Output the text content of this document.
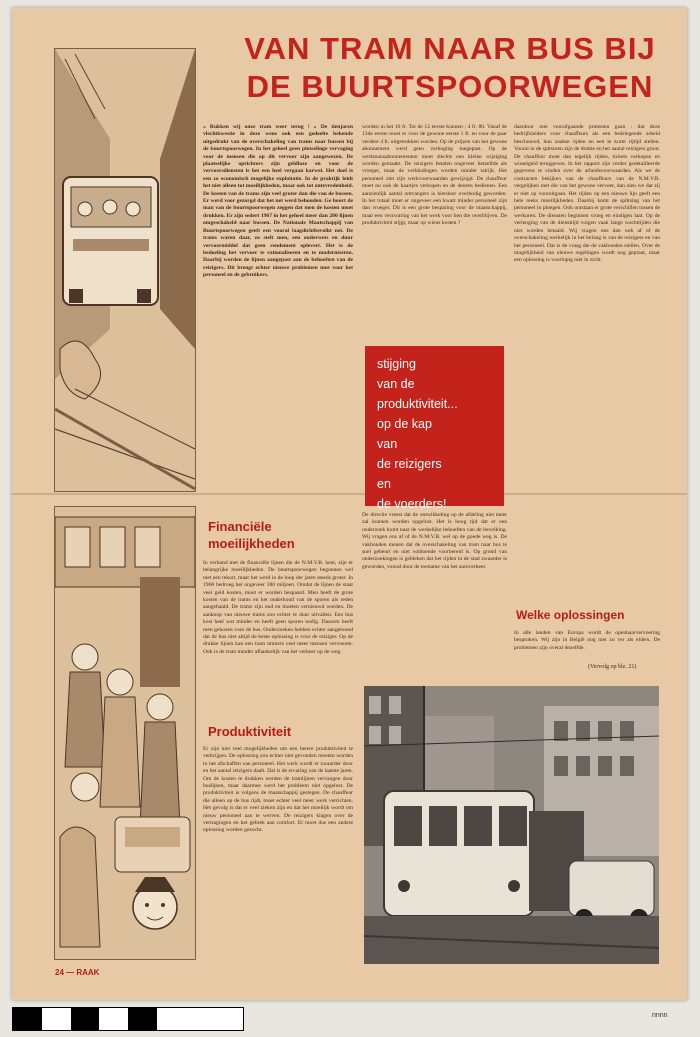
VAN TRAM NAAR BUS BIJ
DE BUURTSPOORWEGEN
« Rukken wij onze tram weer terug ! » De tienjaren vlechtkwestie in deze wens ook een gedeelte bekende uitgedrukt van de overschakeling van trams naar bussen bij de buurtspoorwegen. In het geheel geen plotselinge vervaging voor de mensen die op dit vervoer zijn aangewezen. De plaatselijke oprichters zijn geldloze en voor de vervoersdiensten is het een heel vergaan karwei. Het doel is een zo economisch mogelijke exploitatie. In de praktijk leidt het niet alleen tot moeilijkheden, maar ook tot ontevredenheid. De kosten van de trams zijn veel groter dan die van de bussen. Er werd voor gezorgd dat het net werd behouden. Ge hoort de man van de buurtspoorwegen zeggen dat men de kosten moet drukken. Er zijn sedert 1967 in het geheel meer dan 200 lijnen omgeschakeld naar bussen. De Nationale Maatschappij van Buurtspoorwegen geeft een vooral laagdichtbevolkt net. De trams waren daar, zo stelt men, een ouderwets en duur vervoermiddel dat geen rendement oplevert. Het is de bedoeling het vervoer te rationaliseren en te moderniseren. Daarbij worden de lijnen aangepast aan de behoeften van de reizigers. Dit brengt echter nieuwe problemen mee voor het personeel en de gebruikers.
worden in het 10 fr. Tot de 12 eerste kunnen ; 4 fr. 80. Vanaf de 13de eerste moet er voor de gewone eerste 1 fr. en voor de paar verdere 4 fr. uitgetrokken worden. Op de prijzen van het gewone abonnement werd geen verhoging toegepast. Op de werkmansabonnementen moet slechts een kleine wijziging worden gemaakt. De reizigers betalen ongeveer hetzelfde als vroeger, maar de verbindingen worden minder talrijk. Het personeel ziet zijn werkvoorwaarden gewijzigd. De chauffeur moet nu ook de kaartjes verkopen en de deuren bedienen. Een aanzienlijk aantal ontvangers is hierdoor overbodig geworden. In het totaal moet er ongeveer een kwart minder personeel zijn dan vroeger. Dit is een grote besparing voor de maatschappij, maar een verzwaring van het werk voor hen die overblijven. De produktiviteit stijgt, maar op wiens kosten ?
daardoor met voorafgaande protesten gaan : dat deze bedrijfsleiders voor chauffeurs als een bedriegende arbeid beschouwd, hun zaakse rijden en een te korte rijtijd stellen. Vooral in de spitsuren zijn de drukte en het aantal reizigers groot. De chauffeur moet dan tegelijk rijden, tickets verkopen en wisselgeld teruggeven. In het rapport zijn verder gedetailleerde gegevens te vinden over de arbeidsvoorwaarden. Als we de contracten bekijken van de chauffeurs van de N.M.V.B. vergelijken met die van het gewone vervoer, dan zien we dat zij er niet op vooruitgaan. Het rijden op een nieuwe lijn geeft een hele reeks moeilijkheden. Daarbij komt de splitsing van het personeel in ploegen. Ook ontstaan er grote verschillen tussen de werkuren. De diensten beginnen vroeg en eindigen laat. Op de verlenging van de diensttijd volgen vaak lange wachttijden die niet worden betaald. Wij vragen ons dan ook af of de overschakeling werkelijk in het belang is van de reizigers en van het personeel. Dat is de vraag die de vakbonden stellen. Over de mogelijkheid van nieuwe regelingen wordt nog gepraat, maar een oplossing is voorlopig niet in zicht.
stijging
van de
produktiviteit...
op de kap
van
de reizigers
en
de voerders!
Financiële
moeilijkheden
In verband met de financiële lijnen die de N.M.V.B. kent, zijn er belangrijke moeilijkheden. De buurtspoorwegen begonnen wel met een tekort, maar het werd in de loop der jaren steeds groter. In 1968 bedroeg het ongeveer 180 miljoen. Omdat de lijnen de staat veel geld kosten, moet er worden bespaard. Men heeft de grote kosten van de trams en het onderhoud van de sporen als reden aangehaald. De trams zijn oud en moeten vernieuwd worden. De aankoop van nieuwe trams zou echter te duur uitvallen. Een bus kost heel wat minder en heeft geen sporen nodig. Daarom heeft men gekozen voor de bus. Onderzoeken hebben echter aangetoond dat de bus niet altijd de beste oplossing is voor de reiziger. Op de drukke lijnen kan een tram immers veel meer mensen vervoeren. Ook is de tram minder afhankelijk van het verkeer op de weg.
Produktiviteit
Er zijn niet veel mogelijkheden om een betere produktiviteit te verkrijgen. De oplossing zou echter niet gevonden moeten worden in het afschaffen van personeel. Het werk wordt er zwaarder door en het aantal reizigers daalt. Dat is de ervaring van de laatste jaren. Om de kosten te drukken werden de tramlijnen vervangen door buslijnen, maar daarmee werd het probleem niet opgelost. De produktiviteit is volgens de maatschappij gestegen. De chauffeur die alleen op de bus rijdt, moet echter veel meer werk verrichten. Het gevolg is dat er veel zieken zijn en dat het moeilijk wordt om nieuw personeel aan te werven. De reizigers klagen over de vertragingen en het gebrek aan comfort. Er moet dus een andere oplossing worden gezocht.
De directie vreest dat de ontwikkeling op de afdeling niet meer zal kunnen worden opgelost. Het is hoog tijd dat er een onderzoek komt naar de werkelijke behoeften van de bevolking. Wij vragen ons af of de N.M.V.B. wel op de goede weg is. De vakbonden menen dat de overschakeling van tram naar bus te snel gebeurt en niet voldoende voorbereid is. Op grond van onderzoekingen is gebleken dat het rijden in de stad zwaarder is geworden, vooral door de toename van het autoverkeer.
Welke oplossingen
In alle landen van Europa wordt de openbaarvervoering besproken. Wij zijn in België nog niet zo ver als elders. De problemen zijn overal dezelfde.
(Vervolg op blz. 21)
24 — RAAK
nnnn
